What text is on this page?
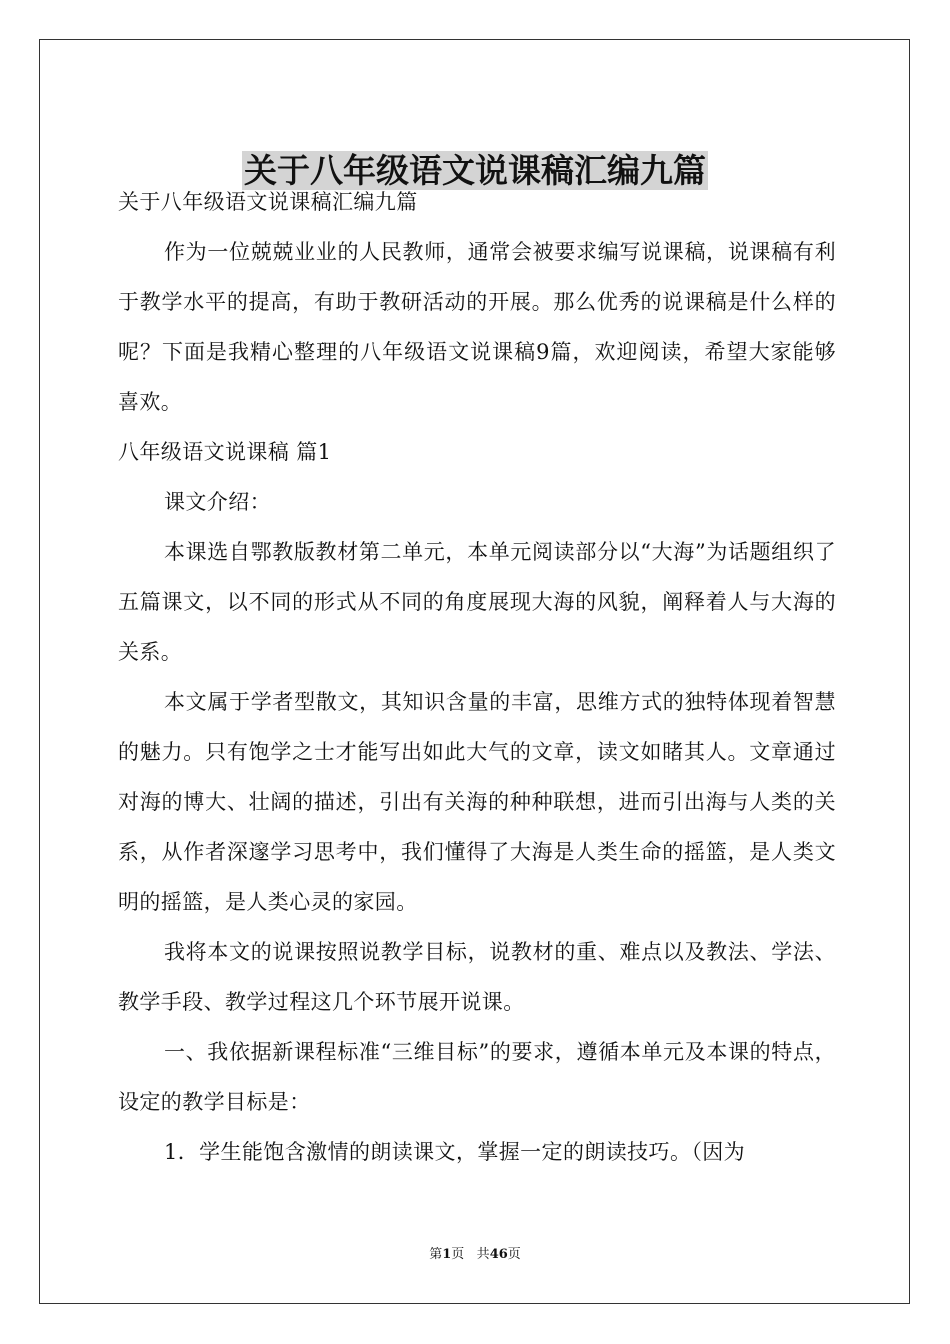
关于八年级语文说课稿汇编九篇

关于八年级语文说课稿汇编九篇

作为一位兢兢业业的人民教师，通常会被要求编写说课稿，说课稿有利于教学水平的提高，有助于教研活动的开展。那么优秀的说课稿是什么样的呢？下面是我精心整理的八年级语文说课稿9篇，欢迎阅读，希望大家能够喜欢。

八年级语文说课稿 篇1

课文介绍：

本课选自鄂教版教材第二单元，本单元阅读部分以“大海”为话题组织了五篇课文，以不同的形式从不同的角度展现大海的风貌，阐释着人与大海的关系。

本文属于学者型散文，其知识含量的丰富，思维方式的独特体现着智慧的魅力。只有饱学之士才能写出如此大气的文章，读文如睹其人。文章通过对海的博大、壮阔的描述，引出有关海的种种联想，进而引出海与人类的关系，从作者深邃学习思考中，我们懂得了大海是人类生命的摇篮，是人类文明的摇篮，是人类心灵的家园。

我将本文的说课按照说教学目标，说教材的重、难点以及教法、学法、教学手段、教学过程这几个环节展开说课。

一、我依据新课程标准“三维目标”的要求，遵循本单元及本课的特点，设定的教学目标是：

1．学生能饱含激情的朗读课文，掌握一定的朗读技巧。（因为

第1页 共46页
